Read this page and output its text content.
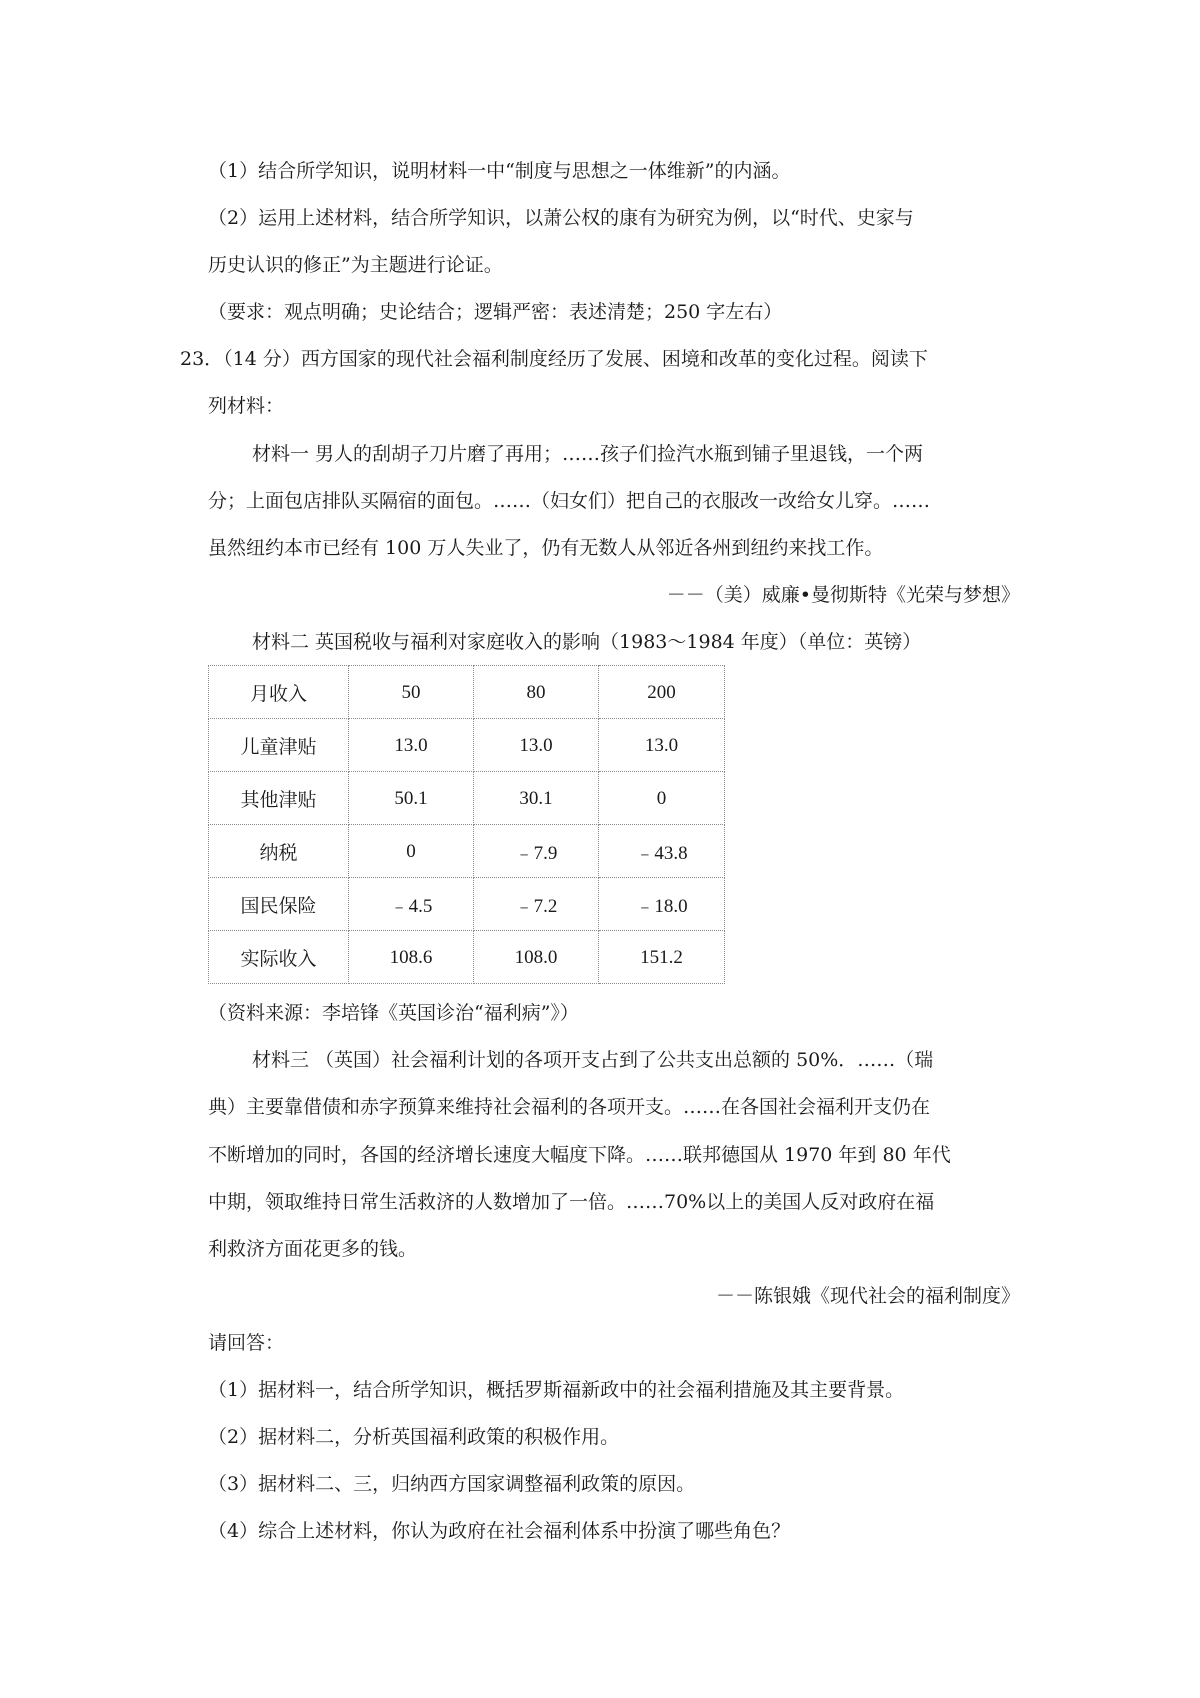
（1）结合所学知识，说明材料一中“制度与思想之一体维新”的内涵。
（2）运用上述材料，结合所学知识，以萧公权的康有为研究为例，以“时代、史家与
历史认识的修正”为主题进行论证。
（要求：观点明确；史论结合；逻辑严密：表述清楚；250 字左右）
23．（14 分）西方国家的现代社会福利制度经历了发展、困境和改革的变化过程。阅读下
列材料：
材料一 男人的刮胡子刀片磨了再用；……孩子们捡汽水瓶到铺子里退钱，一个两
分；上面包店排队买隔宿的面包。……（妇女们）把自己的衣服改一改给女儿穿。……
虽然纽约本市已经有 100 万人失业了，仍有无数人从邻近各州到纽约来找工作。
－－（美）威廉•曼彻斯特《光荣与梦想》
材料二 英国税收与福利对家庭收入的影响（1983～1984 年度）（单位：英镑）
月收入	50	80	200
儿童津贴	13.0	13.0	13.0
其他津贴	50.1	30.1	0
纳税	0	﹣7.9	﹣43.8
国民保险	﹣4.5	﹣7.2	﹣18.0
实际收入	108.6	108.0	151.2
（资料来源：李培锋《英国诊治“福利病”》）
材料三 （英国）社会福利计划的各项开支占到了公共支出总额的 50%．……（瑞
典）主要靠借债和赤字预算来维持社会福利的各项开支。……在各国社会福利开支仍在
不断增加的同时，各国的经济增长速度大幅度下降。……联邦德国从 1970 年到 80 年代
中期，领取维持日常生活救济的人数增加了一倍。……70%以上的美国人反对政府在福
利救济方面花更多的钱。
－－陈银娥《现代社会的福利制度》
请回答：
（1）据材料一，结合所学知识，概括罗斯福新政中的社会福利措施及其主要背景。
（2）据材料二，分析英国福利政策的积极作用。
（3）据材料二、三，归纳西方国家调整福利政策的原因。
（4）综合上述材料，你认为政府在社会福利体系中扮演了哪些角色？
